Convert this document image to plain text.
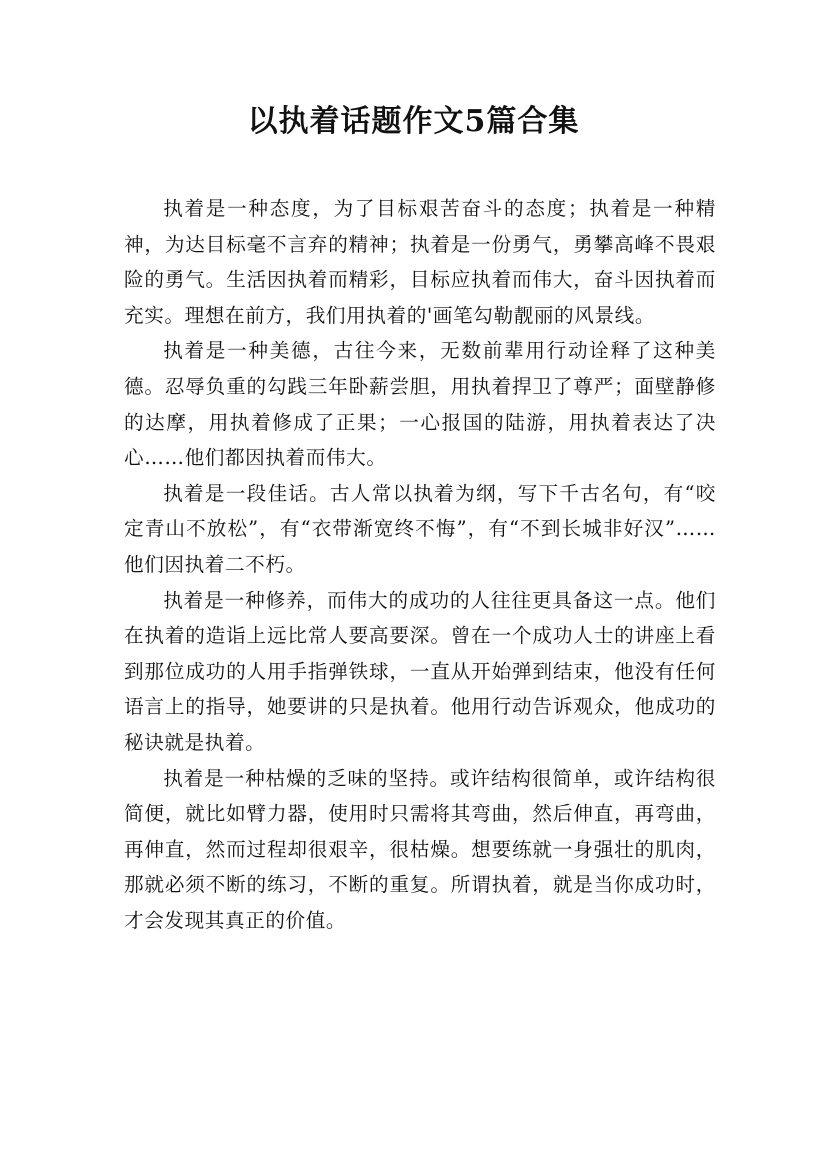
以执着话题作文5篇合集

执着是一种态度，为了目标艰苦奋斗的态度；执着是一种精神，为达目标毫不言弃的精神；执着是一份勇气，勇攀高峰不畏艰险的勇气。生活因执着而精彩，目标应执着而伟大，奋斗因执着而充实。理想在前方，我们用执着的'画笔勾勒靓丽的风景线。

执着是一种美德，古往今来，无数前辈用行动诠释了这种美德。忍辱负重的勾践三年卧薪尝胆，用执着捍卫了尊严；面壁静修的达摩，用执着修成了正果；一心报国的陆游，用执着表达了决心……他们都因执着而伟大。

执着是一段佳话。古人常以执着为纲，写下千古名句，有“咬定青山不放松”，有“衣带渐宽终不悔”，有“不到长城非好汉”……他们因执着二不朽。

执着是一种修养，而伟大的成功的人往往更具备这一点。他们在执着的造诣上远比常人要高要深。曾在一个成功人士的讲座上看到那位成功的人用手指弹铁球，一直从开始弹到结束，他没有任何语言上的指导，她要讲的只是执着。他用行动告诉观众，他成功的秘诀就是执着。

执着是一种枯燥的乏味的坚持。或许结构很简单，或许结构很简便，就比如臂力器，使用时只需将其弯曲，然后伸直，再弯曲，再伸直，然而过程却很艰辛，很枯燥。想要练就一身强壮的肌肉，那就必须不断的练习，不断的重复。所谓执着，就是当你成功时，才会发现其真正的价值。
